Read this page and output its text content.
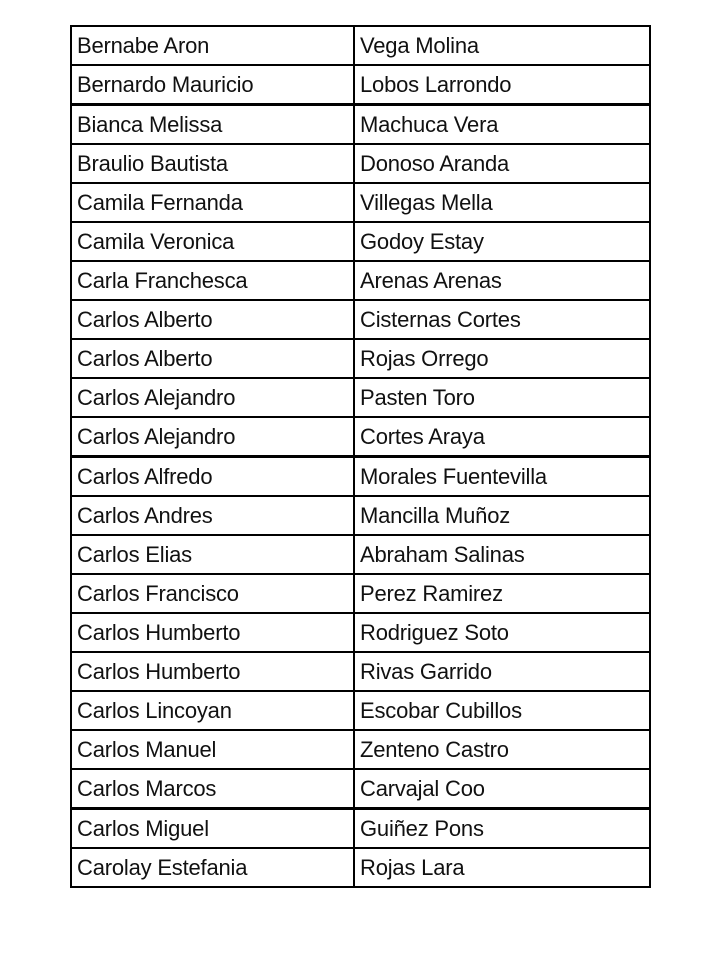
Bernabe Aron	Vega Molina
Bernardo Mauricio	Lobos Larrondo
Bianca Melissa	Machuca Vera
Braulio Bautista	Donoso Aranda
Camila Fernanda	Villegas Mella
Camila Veronica	Godoy Estay
Carla Franchesca	Arenas Arenas
Carlos Alberto	Cisternas Cortes
Carlos Alberto	Rojas Orrego
Carlos Alejandro	Pasten Toro
Carlos Alejandro	Cortes Araya
Carlos Alfredo	Morales Fuentevilla
Carlos Andres	Mancilla Muñoz
Carlos Elias	Abraham Salinas
Carlos Francisco	Perez Ramirez
Carlos Humberto	Rodriguez Soto
Carlos Humberto	Rivas Garrido
Carlos Lincoyan	Escobar Cubillos
Carlos Manuel	Zenteno Castro
Carlos Marcos	Carvajal Coo
Carlos Miguel	Guiñez Pons
Carolay Estefania	Rojas Lara
